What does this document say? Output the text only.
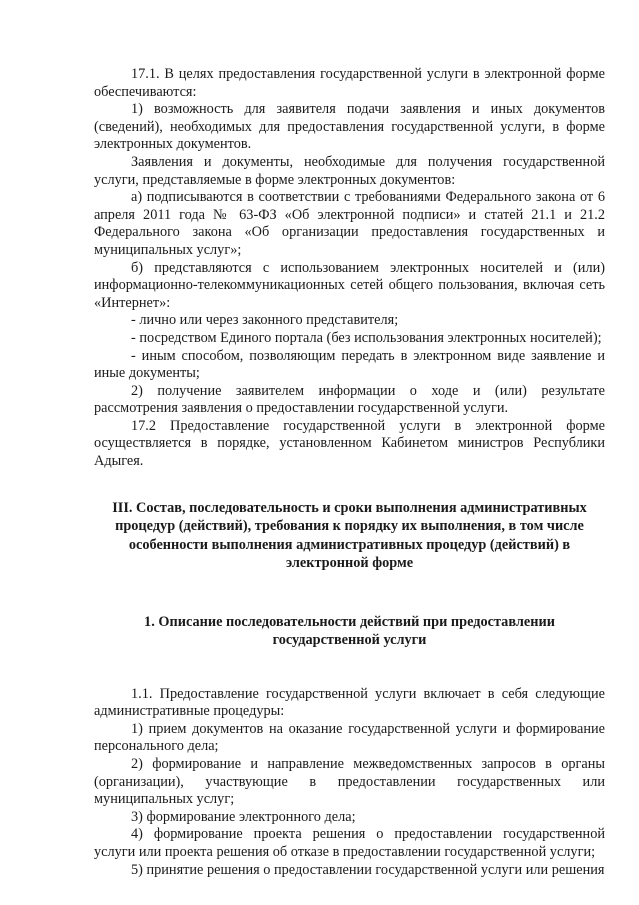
17.1. В целях предоставления государственной услуги в электронной форме обеспечиваются:

1) возможность для заявителя подачи заявления и иных документов (сведений), необходимых для предоставления государственной услуги, в форме электронных документов.

Заявления и документы, необходимые для получения государственной услуги, представляемые в форме электронных документов:

а) подписываются в соответствии с требованиями Федерального закона от 6 апреля 2011 года № 63-ФЗ «Об электронной подписи» и статей 21.1 и 21.2 Федерального закона «Об организации предоставления государственных и муниципальных услуг»;

б) представляются с использованием электронных носителей и (или) информационно-телекоммуникационных сетей общего пользования, включая сеть «Интернет»:

- лично или через законного представителя;

- посредством Единого портала (без использования электронных носителей);

- иным способом, позволяющим передать в электронном виде заявление и иные документы;

2) получение заявителем информации о ходе и (или) результате рассмотрения заявления о предоставлении государственной услуги.

17.2 Предоставление государственной услуги в электронной форме осуществляется в порядке, установленном Кабинетом министров Республики Адыгея.

III. Состав, последовательность и сроки выполнения административных процедур (действий), требования к порядку их выполнения, в том числе особенности выполнения административных процедур (действий) в электронной форме

1. Описание последовательности действий при предоставлении государственной услуги

1.1. Предоставление государственной услуги включает в себя следующие административные процедуры:

1) прием документов на оказание государственной услуги и формирование персонального дела;

2) формирование и направление межведомственных запросов в органы (организации), участвующие в предоставлении государственных или муниципальных услуг;

3) формирование электронного дела;

4) формирование проекта решения о предоставлении государственной услуги или проекта решения об отказе в предоставлении государственной услуги;

5) принятие решения о предоставлении государственной услуги или решения
